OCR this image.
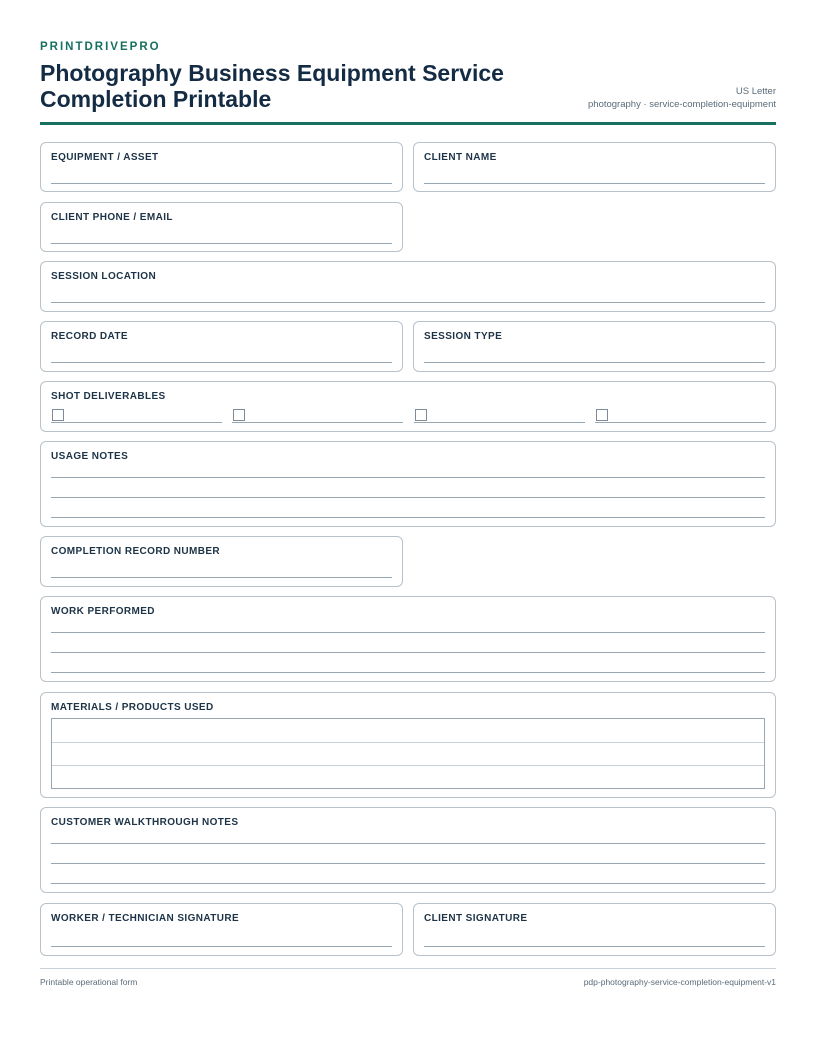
PRINTDRIVEPRO
Photography Business Equipment Service Completion Printable	US Letter
photography · service-completion-equipment
EQUIPMENT / ASSET	CLIENT NAME
CLIENT PHONE / EMAIL
SESSION LOCATION
RECORD DATE	SESSION TYPE
SHOT DELIVERABLES
USAGE NOTES
COMPLETION RECORD NUMBER
WORK PERFORMED
MATERIALS / PRODUCTS USED
CUSTOMER WALKTHROUGH NOTES
WORKER / TECHNICIAN SIGNATURE	CLIENT SIGNATURE
Printable operational form	pdp-photography-service-completion-equipment-v1
